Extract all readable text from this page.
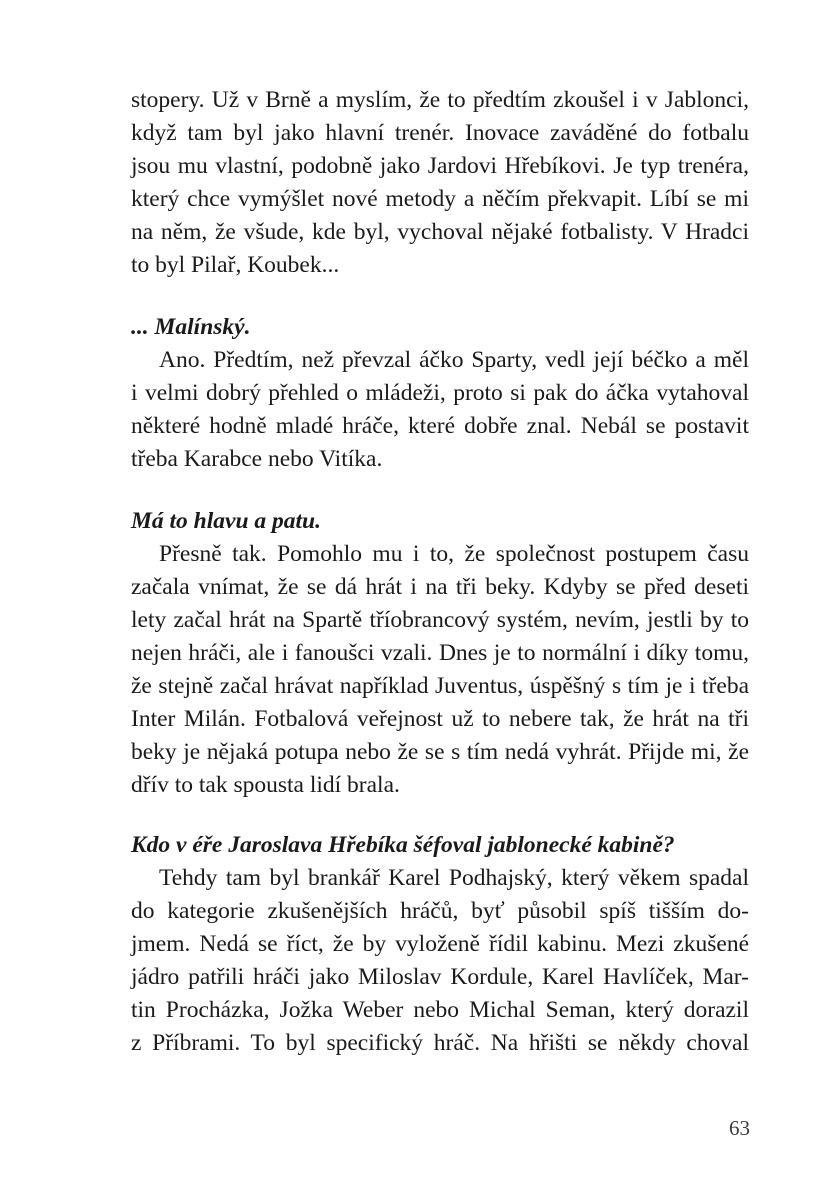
stopery. Už v Brně a myslím, že to předtím zkoušel i v Jablonci,
když tam byl jako hlavní trenér. Inovace zaváděné do fotbalu
jsou mu vlastní, podobně jako Jardovi Hřebíkovi. Je typ trenéra,
který chce vymýšlet nové metody a něčím překvapit. Líbí se mi
na něm, že všude, kde byl, vychoval nějaké fotbalisty. V Hradci
to byl Pilař, Koubek...
... Malínský.
Ano. Předtím, než převzal áčko Sparty, vedl její béčko a měl
i velmi dobrý přehled o mládeži, proto si pak do áčka vytahoval
některé hodně mladé hráče, které dobře znal. Nebál se postavit
třeba Karabce nebo Vitíka.
Má to hlavu a patu.
Přesně tak. Pomohlo mu i to, že společnost postupem času
začala vnímat, že se dá hrát i na tři beky. Kdyby se před deseti
lety začal hrát na Spartě tříobrancový systém, nevím, jestli by to
nejen hráči, ale i fanoušci vzali. Dnes je to normální i díky tomu,
že stejně začal hrávat například Juventus, úspěšný s tím je i třeba
Inter Milán. Fotbalová veřejnost už to nebere tak, že hrát na tři
beky je nějaká potupa nebo že se s tím nedá vyhrát. Přijde mi, že
dřív to tak spousta lidí brala.
Kdo v éře Jaroslava Hřebíka šéfoval jablonecké kabině?
Tehdy tam byl brankář Karel Podhajský, který věkem spadal
do kategorie zkušenějších hráčů, byť působil spíš tišším do-
jmem. Nedá se říct, že by vyloženě řídil kabinu. Mezi zkušené
jádro patřili hráči jako Miloslav Kordule, Karel Havlíček, Mar-
tin Procházka, Jožka Weber nebo Michal Seman, který dorazil
z Příbrami. To byl specifický hráč. Na hřišti se někdy choval
63
